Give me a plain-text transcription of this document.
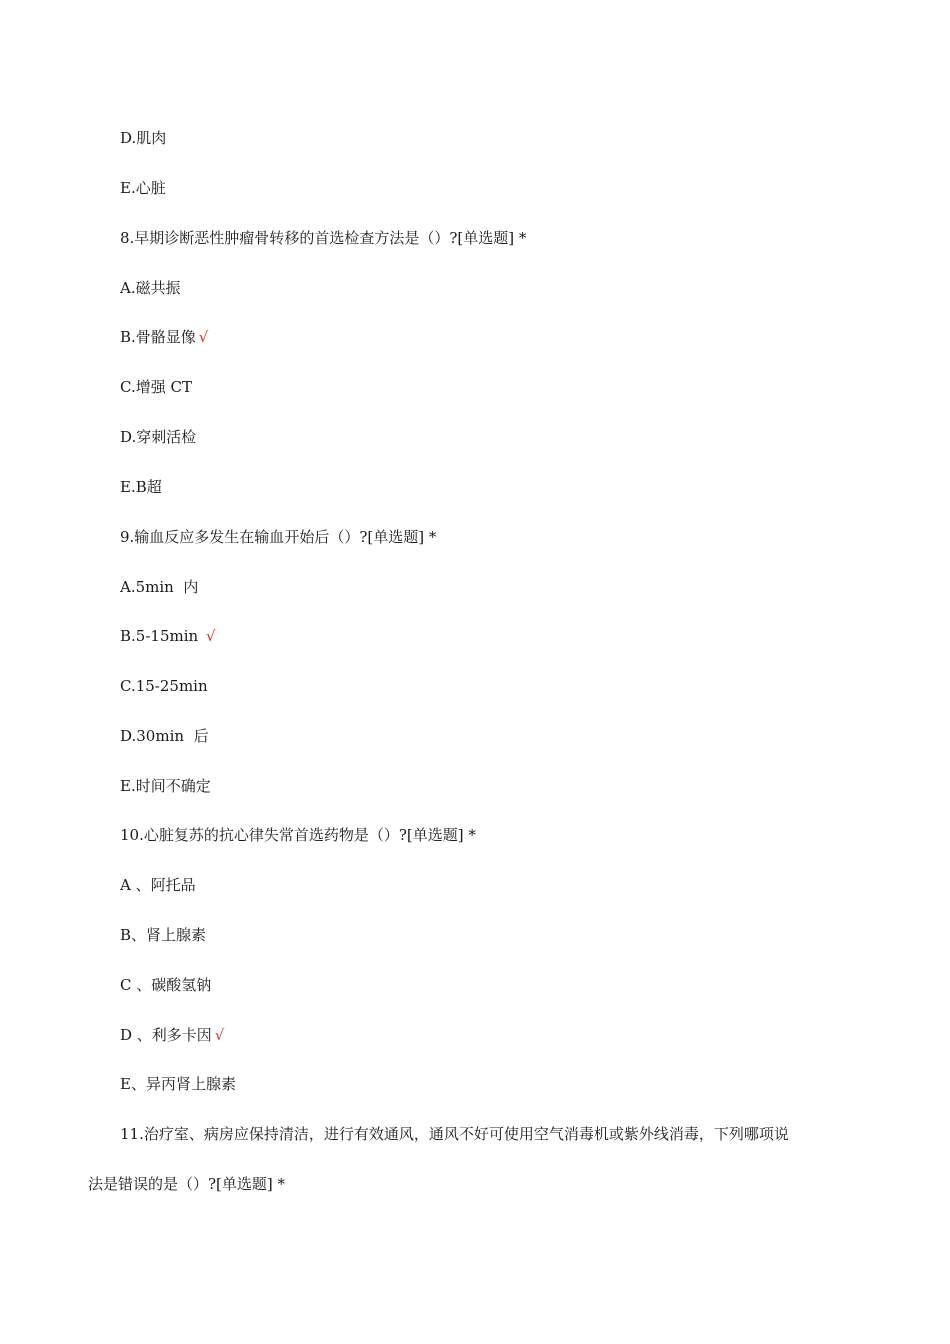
D.肌肉
E.心脏
8.早期诊断恶性肿瘤骨转移的首选检查方法是（）?[单选题] *
A.磁共振
B.骨骼显像 √
C.增强 CT
D.穿刺活检
E.B超
9.输血反应多发生在输血开始后（）?[单选题] *
A.5min  内
B.5-15min √
C.15-25min
D.30min  后
E.时间不确定
10.心脏复苏的抗心律失常首选药物是（）?[单选题] *
A 、阿托品
B、肾上腺素
C 、碳酸氢钠
D 、利多卡因 √
E、异丙肾上腺素
11.治疗室、病房应保持清洁，进行有效通风，通风不好可使用空气消毒机或紫外线消毒，下列哪项说
法是错误的是（）?[单选题] *
